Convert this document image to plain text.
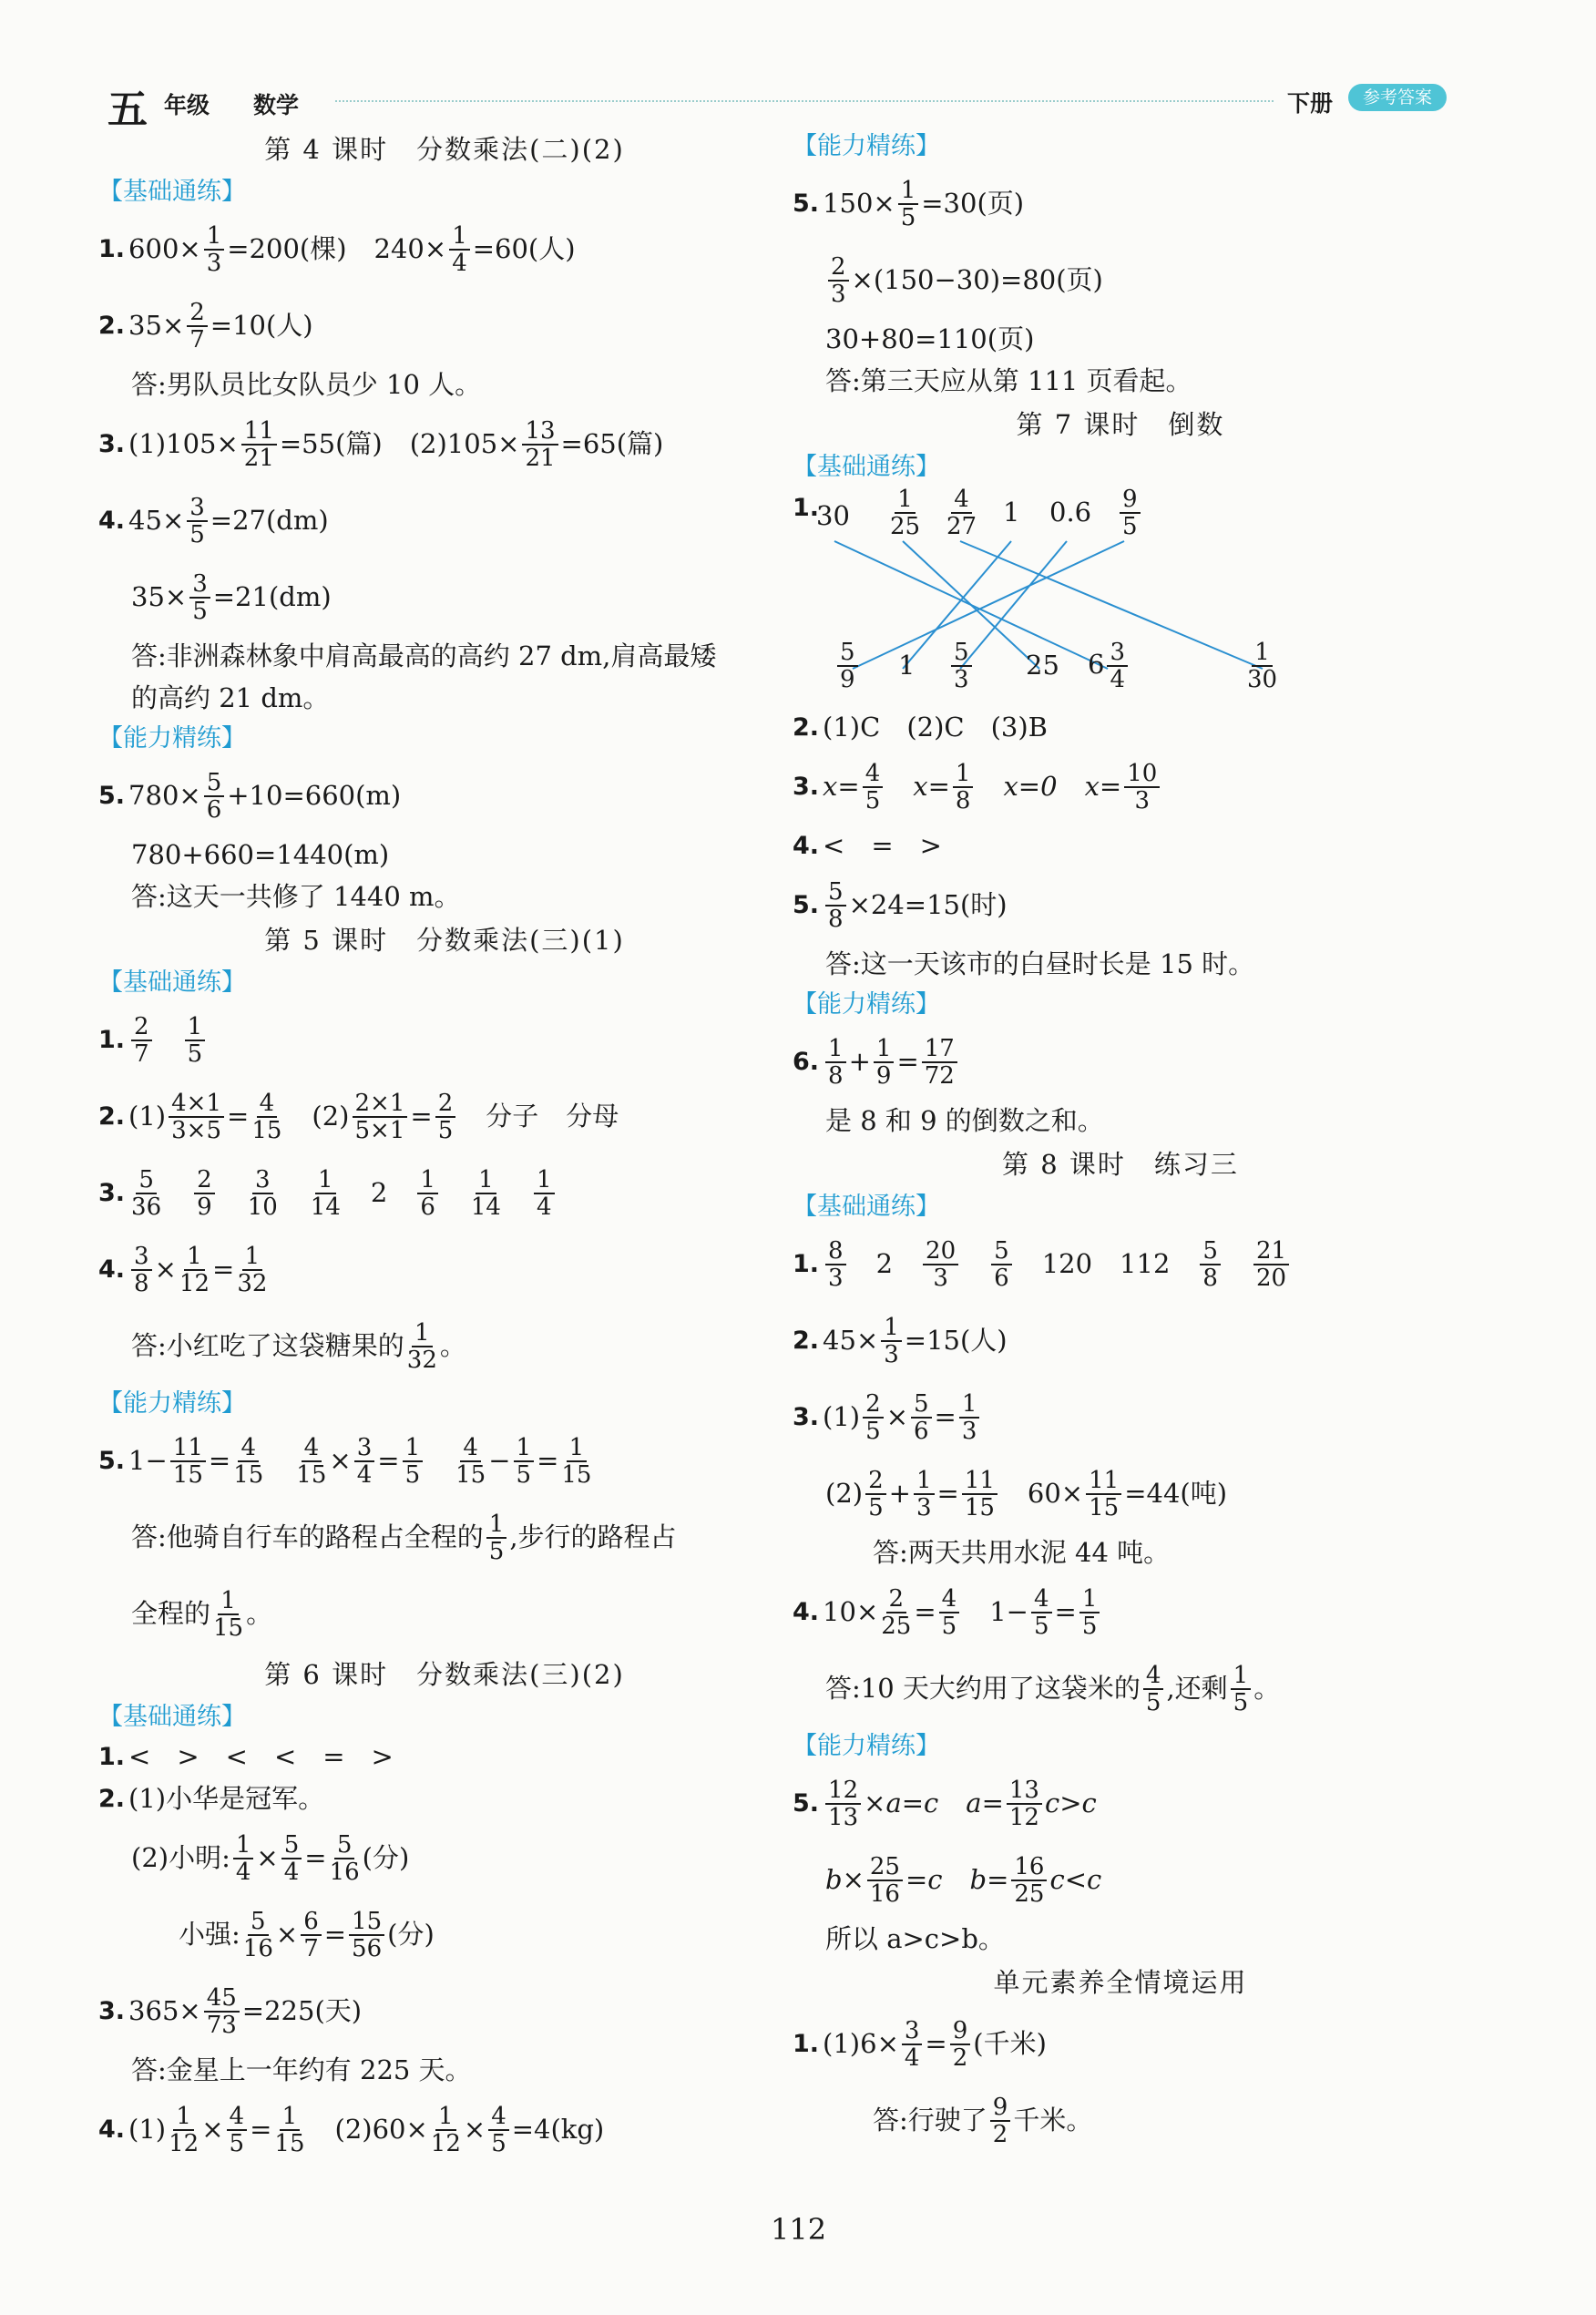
五 年级 数学	下册	参考答案
第 4 课时　分数乘法(二)(2)
【基础通练】
1. $600\times \frac{1}{3} =200$(棵) $240\times \frac{1}{4} =60$(人)
2. $35\times \frac{2}{7} =10$(人)
答:男队员比女队员少 10 人。
3. $(1)105\times \frac{11}{21} =55$(篇) $(2)105\times \frac{13}{21} =65$(篇)
4. $45\times \frac{3}{5} =27(dm)$
$35\times \frac{3}{5} =21(dm)$
答:非洲森林象中肩高最高的高约 27 dm,肩高最矮
的高约 21 dm。
【能力精练】
5. $780\times \frac{5}{6} +10=660(m)$
780+660=1440(m)
答:这天一共修了 1440 m。
第 5 课时　分数乘法(三)(1)
【基础通练】
1. $\frac{2}{7} \frac{1}{5}$
2. $(1) \frac{4\times 1}{3\times 5} = \frac{4}{15} (2) \frac{2\times 1}{5\times 1} = \frac{2}{5}$ 分子 分母
3. $\frac{5}{36} \frac{2}{9} \frac{3}{10} \frac{1}{14} 2 \frac{1}{6} \frac{1}{14} \frac{1}{4}$
4. $\frac{3}{8} \times \frac{1}{12} = \frac{1}{32}$
答:小红吃了这袋糖果的 $\frac{1}{32}$ 。
【能力精练】
5. $1- \frac{11}{15} = \frac{4}{15} \frac{4}{15} \times \frac{3}{4} = \frac{1}{5} \frac{4}{15} - \frac{1}{5} = \frac{1}{15}$
答:他骑自行车的路程占全程的 $\frac{1}{5}$ ,步行的路程占
全程的 $\frac{1}{15}$ 。
第 6 课时　分数乘法(三)(2)
【基础通练】
1. <　>　<　<　=　>
2. (1)小华是冠军。
(2)小明: $\frac{1}{4} \times \frac{5}{4} = \frac{5}{16}$ (分)
小强: $\frac{5}{16} \times \frac{6}{7} = \frac{15}{56}$ (分)
3. $365\times \frac{45}{73} =225$(天)
答:金星上一年约有 225 天。
4. $(1) \frac{1}{12} \times \frac{4}{5} = \frac{1}{15} (2)60\times \frac{1}{12} \times \frac{4}{5} =4(kg)$
【能力精练】
5. $150\times \frac{1}{5} =30$(页)
$\frac{2}{3} \times(150-30)=80$(页)
30+80=110(页)
答:第三天应从第 111 页看起。
第 7 课时　倒数
【基础通练】
1.
$30 \frac{1}{25} \frac{4}{27} 1$ $0.6 \frac{9}{5}$
$\frac{5}{9} 1 \frac{5}{3} 25$ $6 \frac{3}{4}$	$\frac{1}{30}$
2. (1)C　(2)C　(3)B
3. $x= \frac{4}{5} x= \frac{1}{8} x=0$ $x= \frac{10}{3}$
4. <　=　>
5. $\frac{5}{8} \times 24=15$(时)
答:这一天该市的白昼时长是 15 时。
【能力精练】
6. $\frac{1}{8} + \frac{1}{9} = \frac{17}{72}$
是 8 和 9 的倒数之和。
第 8 课时　练习三
【基础通练】
1. $\frac{8}{3} 2 \frac{20}{3} \frac{5}{6} 120$ $112 \frac{5}{8} \frac{21}{20}$
2. $45\times \frac{1}{3} =15$(人)
3. $(1) \frac{2}{5} \times \frac{5}{6} = \frac{1}{3}$
$(2) \frac{2}{5} + \frac{1}{3} = \frac{11}{15} 60\times \frac{11}{15} =44$(吨)
答:两天共用水泥 44 吨。
4. $10\times \frac{2}{25} = \frac{4}{5} 1- \frac{4}{5} = \frac{1}{5}$
答:10 天大约用了这袋米的 $\frac{4}{5}$ ,还剩 $\frac{1}{5}$ 。
【能力精练】
5. $\frac{12}{13} \times a=c$ $a= \frac{13}{12} c>c$
$b\times \frac{25}{16} =c$ $b= \frac{16}{25} c<c$
所以 a>c>b。
单元素养全情境运用
1. $(1)6\times \frac{3}{4} = \frac{9}{2}$ (千米)
答:行驶了 $\frac{9}{2}$ 千米。
112
